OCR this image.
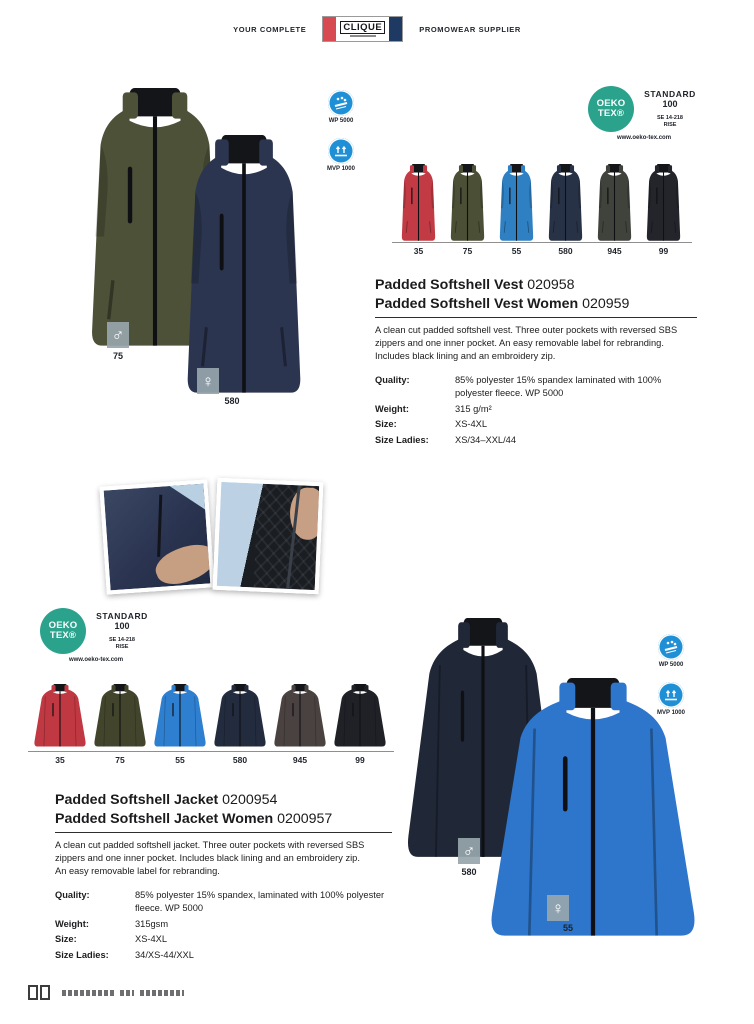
YOUR COMPLETE	CLIQUE	PROMOWEAR SUPPLIER
♂
75
♀
580
WP 5000
MVP 1000
OEKO
TEX®
STANDARD
100
SE 14-218
RISE
www.oeko-tex.com
35	75	55	580	945	99
Padded Softshell Vest 020958
Padded Softshell Vest Women 020959
A clean cut padded softshell vest. Three outer pockets with reversed SBS zippers and one inner pocket. An easy removable label for rebranding. Includes black lining and an embroidery zip.
Quality:	85% polyester 15% spandex laminated with 100% polyester fleece. WP 5000
Weight:	315 g/m²
Size:	XS-4XL
Size Ladies:	XS/34–XXL/44
OEKO
TEX®
STANDARD
100
SE 14-218
RISE
www.oeko-tex.com
35	75	55	580	945	99
Padded Softshell Jacket 0200954
Padded Softshell Jacket Women 0200957
A clean cut padded softshell jacket. Three outer pockets with reversed SBS zippers and one inner pocket. Includes black lining and an embroidery zip.
An easy removable label for rebranding.
Quality:	85% polyester 15% spandex, laminated with 100% polyester fleece. WP 5000
Weight:	315gsm
Size:	XS-4XL
Size Ladies:	34/XS-44/XXL
♂
580
♀
55
WP 5000
MVP 1000
